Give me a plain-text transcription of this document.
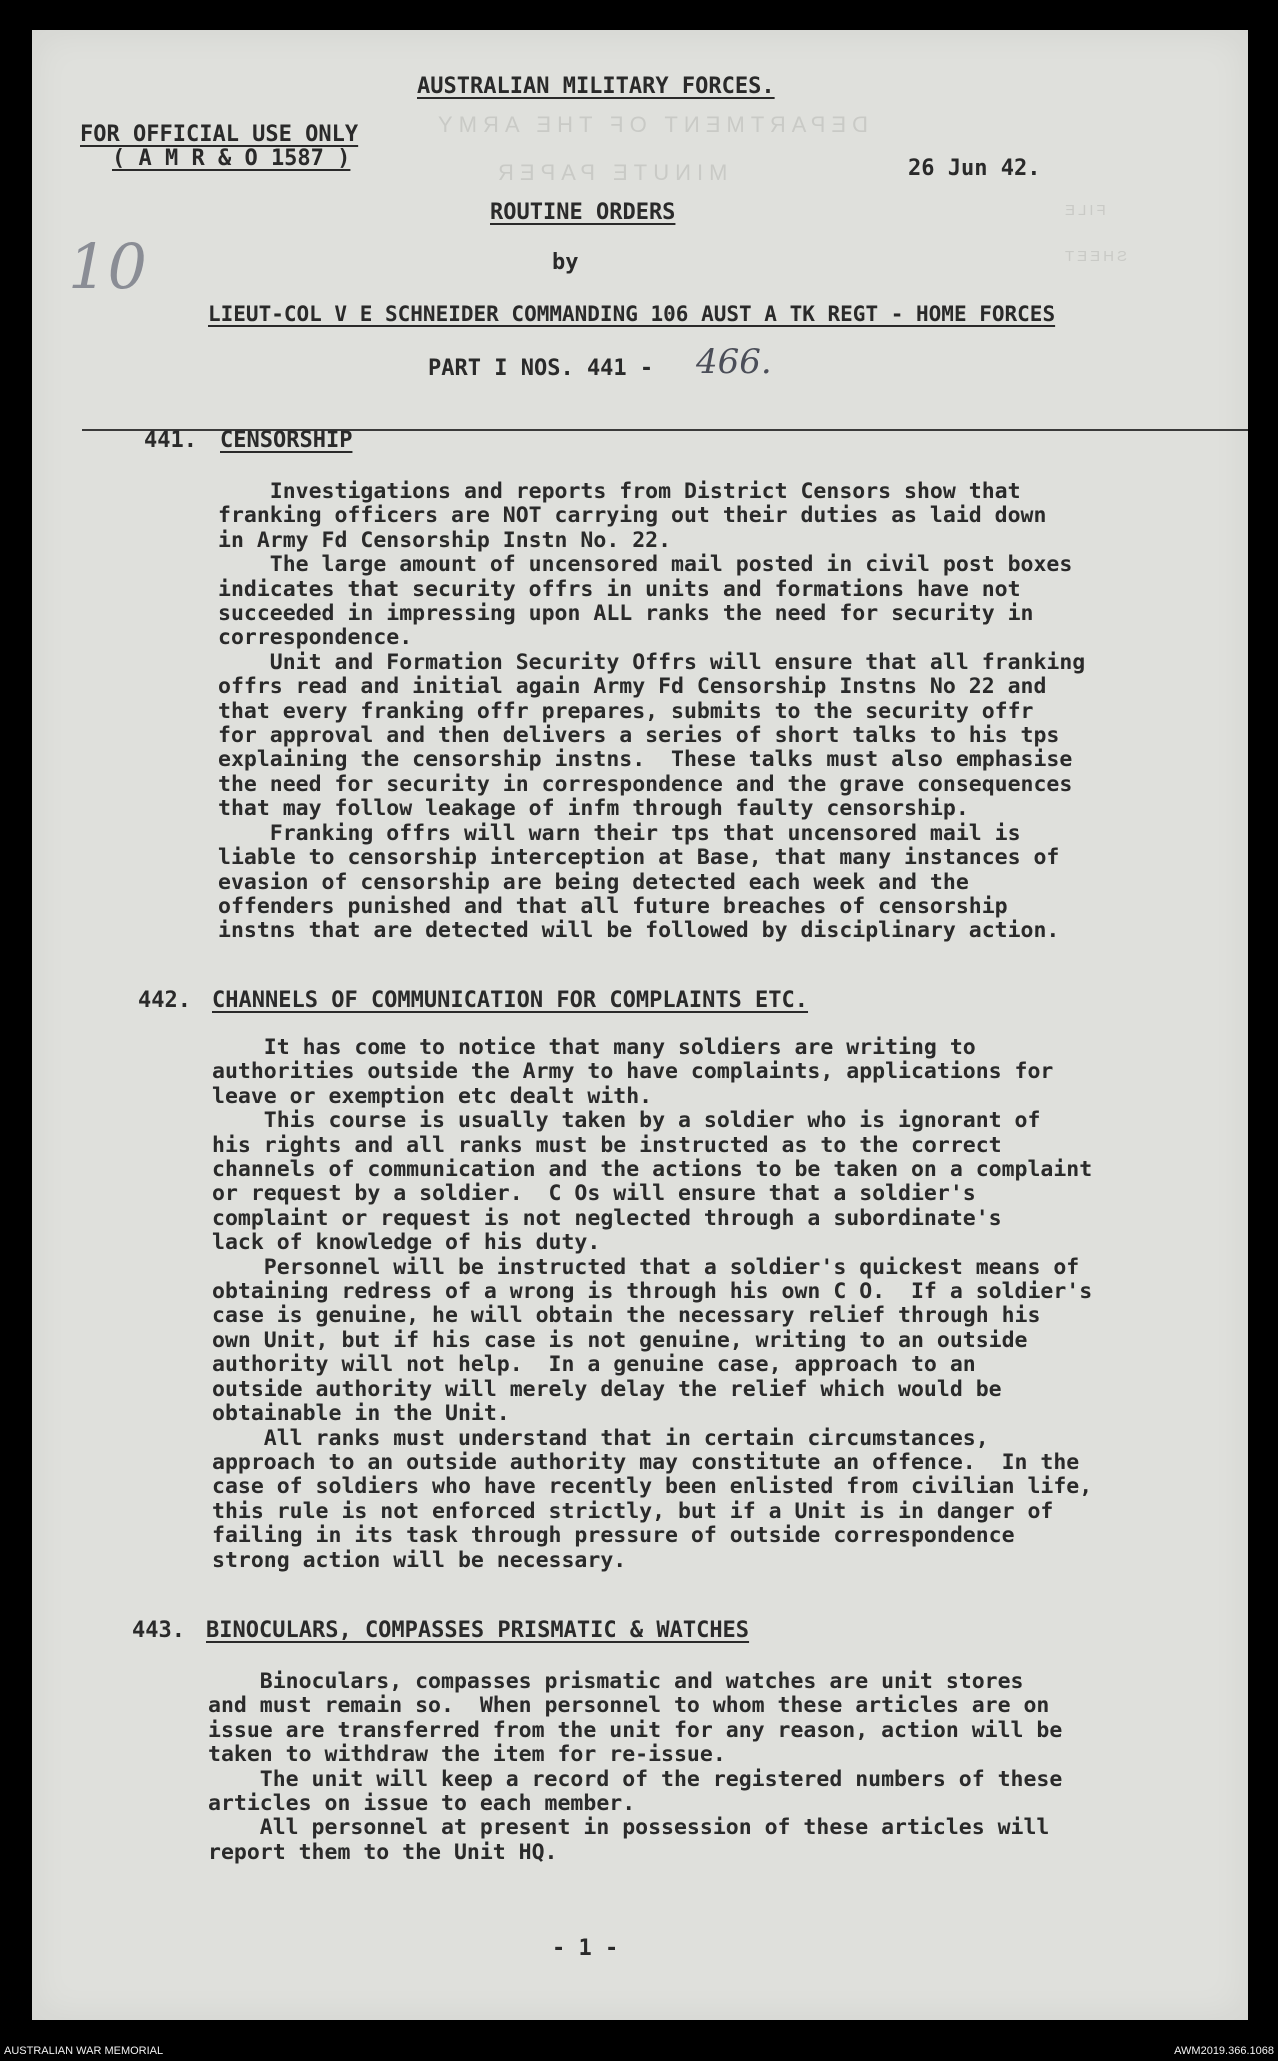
DEPARTMENT OF THE ARMY
MINUTE PAPER
FILE
SHEET
AUSTRALIAN MILITARY FORCES.
FOR OFFICIAL USE ONLY
( A M R & O 1587 )	26 Jun 42.
ROUTINE ORDERS
by
LIEUT-COL V E SCHNEIDER COMMANDING 106 AUST A TK REGT - HOME FORCES
PART I NOS. 441 - 466.
10
441. CENSORSHIP
Investigations and reports from District Censors show that
franking officers are NOT carrying out their duties as laid down
in Army Fd Censorship Instn No. 22.
The large amount of uncensored mail posted in civil post boxes
indicates that security offrs in units and formations have not
succeeded in impressing upon ALL ranks the need for security in
correspondence.
Unit and Formation Security Offrs will ensure that all franking
offrs read and initial again Army Fd Censorship Instns No 22 and
that every franking offr prepares, submits to the security offr
for approval and then delivers a series of short talks to his tps
explaining the censorship instns.  These talks must also emphasise
the need for security in correspondence and the grave consequences
that may follow leakage of infm through faulty censorship.
Franking offrs will warn their tps that uncensored mail is
liable to censorship interception at Base, that many instances of
evasion of censorship are being detected each week and the
offenders punished and that all future breaches of censorship
instns that are detected will be followed by disciplinary action.
442. CHANNELS OF COMMUNICATION FOR COMPLAINTS ETC.
It has come to notice that many soldiers are writing to
authorities outside the Army to have complaints, applications for
leave or exemption etc dealt with.
This course is usually taken by a soldier who is ignorant of
his rights and all ranks must be instructed as to the correct
channels of communication and the actions to be taken on a complaint
or request by a soldier.  C Os will ensure that a soldier's
complaint or request is not neglected through a subordinate's
lack of knowledge of his duty.
Personnel will be instructed that a soldier's quickest means of
obtaining redress of a wrong is through his own C O.  If a soldier's
case is genuine, he will obtain the necessary relief through his
own Unit, but if his case is not genuine, writing to an outside
authority will not help.  In a genuine case, approach to an
outside authority will merely delay the relief which would be
obtainable in the Unit.
All ranks must understand that in certain circumstances,
approach to an outside authority may constitute an offence.  In the
case of soldiers who have recently been enlisted from civilian life,
this rule is not enforced strictly, but if a Unit is in danger of
failing in its task through pressure of outside correspondence
strong action will be necessary.
443. BINOCULARS, COMPASSES PRISMATIC & WATCHES
Binoculars, compasses prismatic and watches are unit stores
and must remain so.  When personnel to whom these articles are on
issue are transferred from the unit for any reason, action will be
taken to withdraw the item for re-issue.
The unit will keep a record of the registered numbers of these
articles on issue to each member.
All personnel at present in possession of these articles will
report them to the Unit HQ.
- 1 -
AUSTRALIAN WAR MEMORIAL	AWM2019.366.1068
